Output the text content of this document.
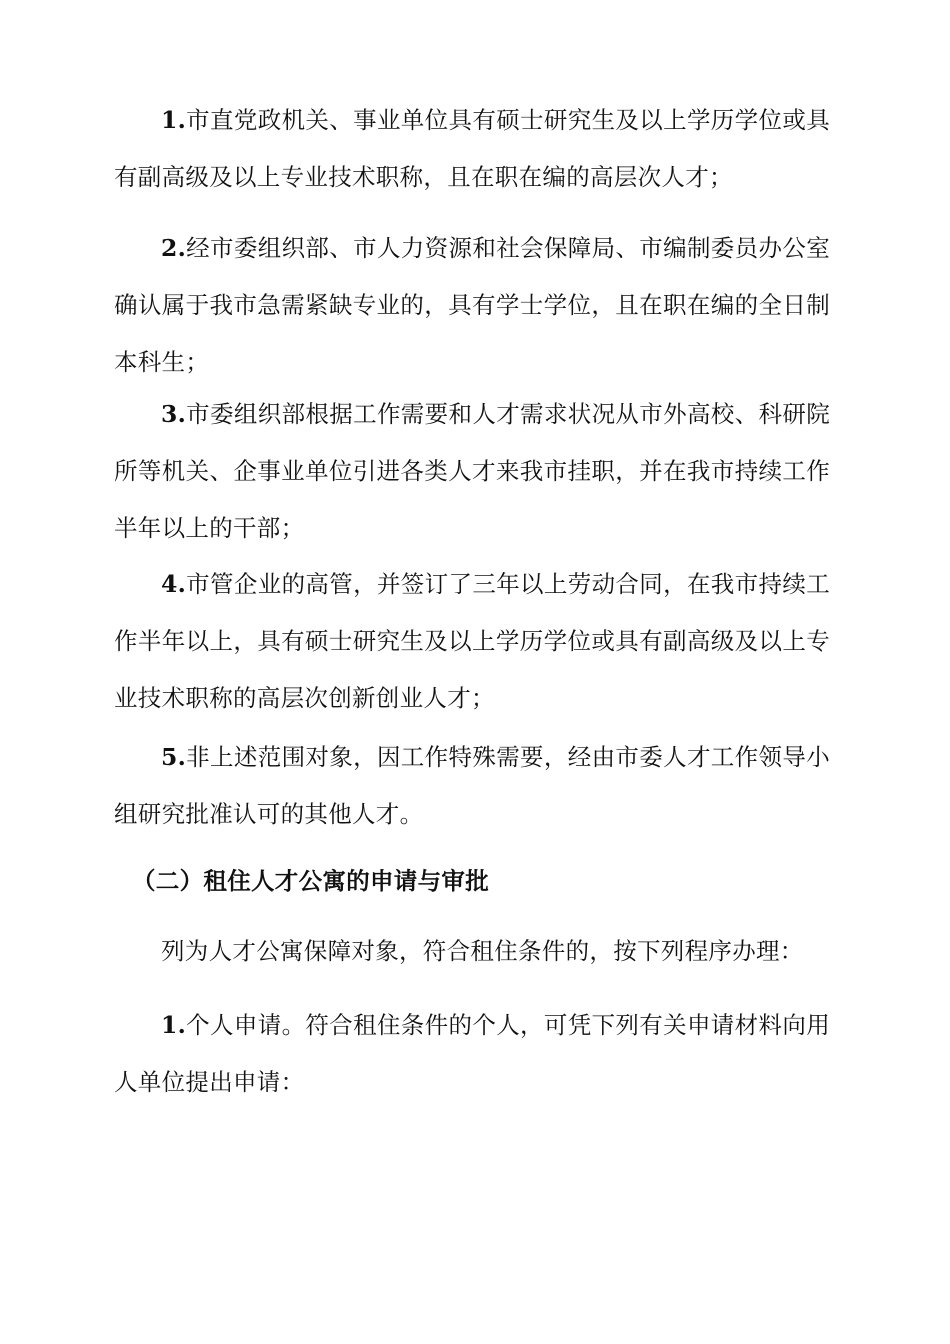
1.市直党政机关、事业单位具有硕士研究生及以上学历学位或具有副高级及以上专业技术职称，且在职在编的高层次人才；

2.经市委组织部、市人力资源和社会保障局、市编制委员办公室确认属于我市急需紧缺专业的，具有学士学位，且在职在编的全日制本科生；

3.市委组织部根据工作需要和人才需求状况从市外高校、科研院所等机关、企事业单位引进各类人才来我市挂职，并在我市持续工作半年以上的干部；

4.市管企业的高管，并签订了三年以上劳动合同，在我市持续工作半年以上，具有硕士研究生及以上学历学位或具有副高级及以上专业技术职称的高层次创新创业人才；

5.非上述范围对象，因工作特殊需要，经由市委人才工作领导小组研究批准认可的其他人才。

（二）租住人才公寓的申请与审批

列为人才公寓保障对象，符合租住条件的，按下列程序办理：

1.个人申请。符合租住条件的个人，可凭下列有关申请材料向用人单位提出申请：
